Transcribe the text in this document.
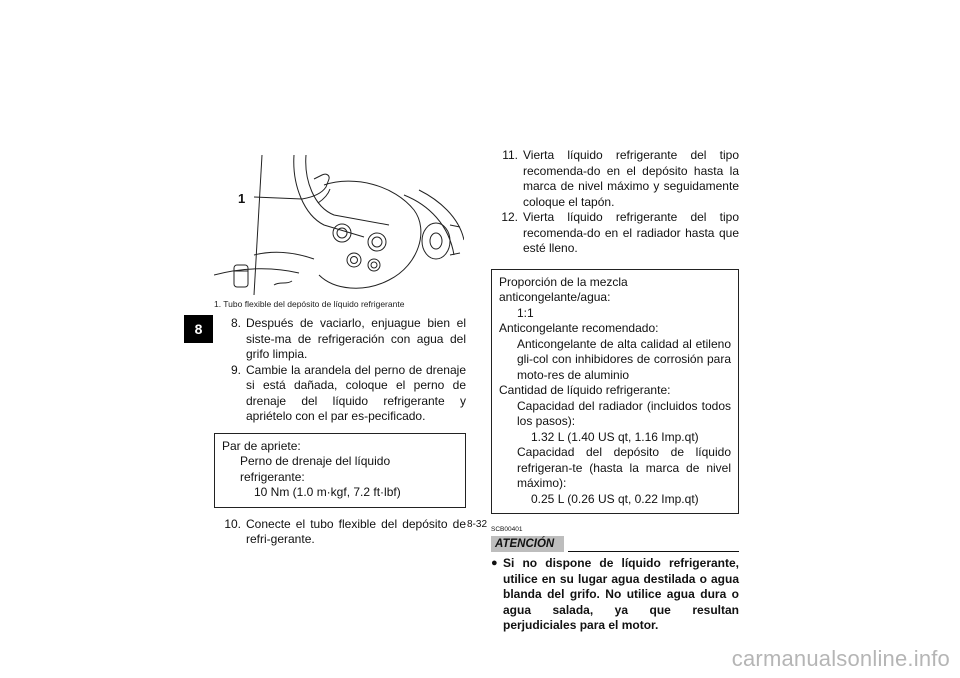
8
1
1. Tubo flexible del depósito de líquido refrigerante
8. Después de vaciarlo, enjuague bien el siste-ma de refrigeración con agua del grifo limpia.
9. Cambie la arandela del perno de drenaje si está dañada, coloque el perno de drenaje del líquido refrigerante y apriételo con el par es-pecificado.
Par de apriete:
Perno de drenaje del líquido refrigerante:
10 Nm (1.0 m·kgf, 7.2 ft·lbf)
10. Conecte el tubo flexible del depósito de refri-gerante.
11. Vierta líquido refrigerante del tipo recomenda-do en el depósito hasta la marca de nivel máximo y seguidamente coloque el tapón.
12. Vierta líquido refrigerante del tipo recomenda-do en el radiador hasta que esté lleno.
Proporción de la mezcla anticongelante/agua:
1:1
Anticongelante recomendado:
Anticongelante de alta calidad al etileno gli-col con inhibidores de corrosión para moto-res de aluminio
Cantidad de líquido refrigerante:
Capacidad del radiador (incluidos todos los pasos):
1.32 L (1.40 US qt, 1.16 Imp.qt)
Capacidad del depósito de líquido refrigeran-te (hasta la marca de nivel máximo):
0.25 L (0.26 US qt, 0.22 Imp.qt)
SCB00401
ATENCIÓN
● Si no dispone de líquido refrigerante, utilice en su lugar agua destilada o agua blanda del grifo. No utilice agua dura o agua salada, ya que resultan perjudiciales para el motor.
8-32
carmanualsonline.info
